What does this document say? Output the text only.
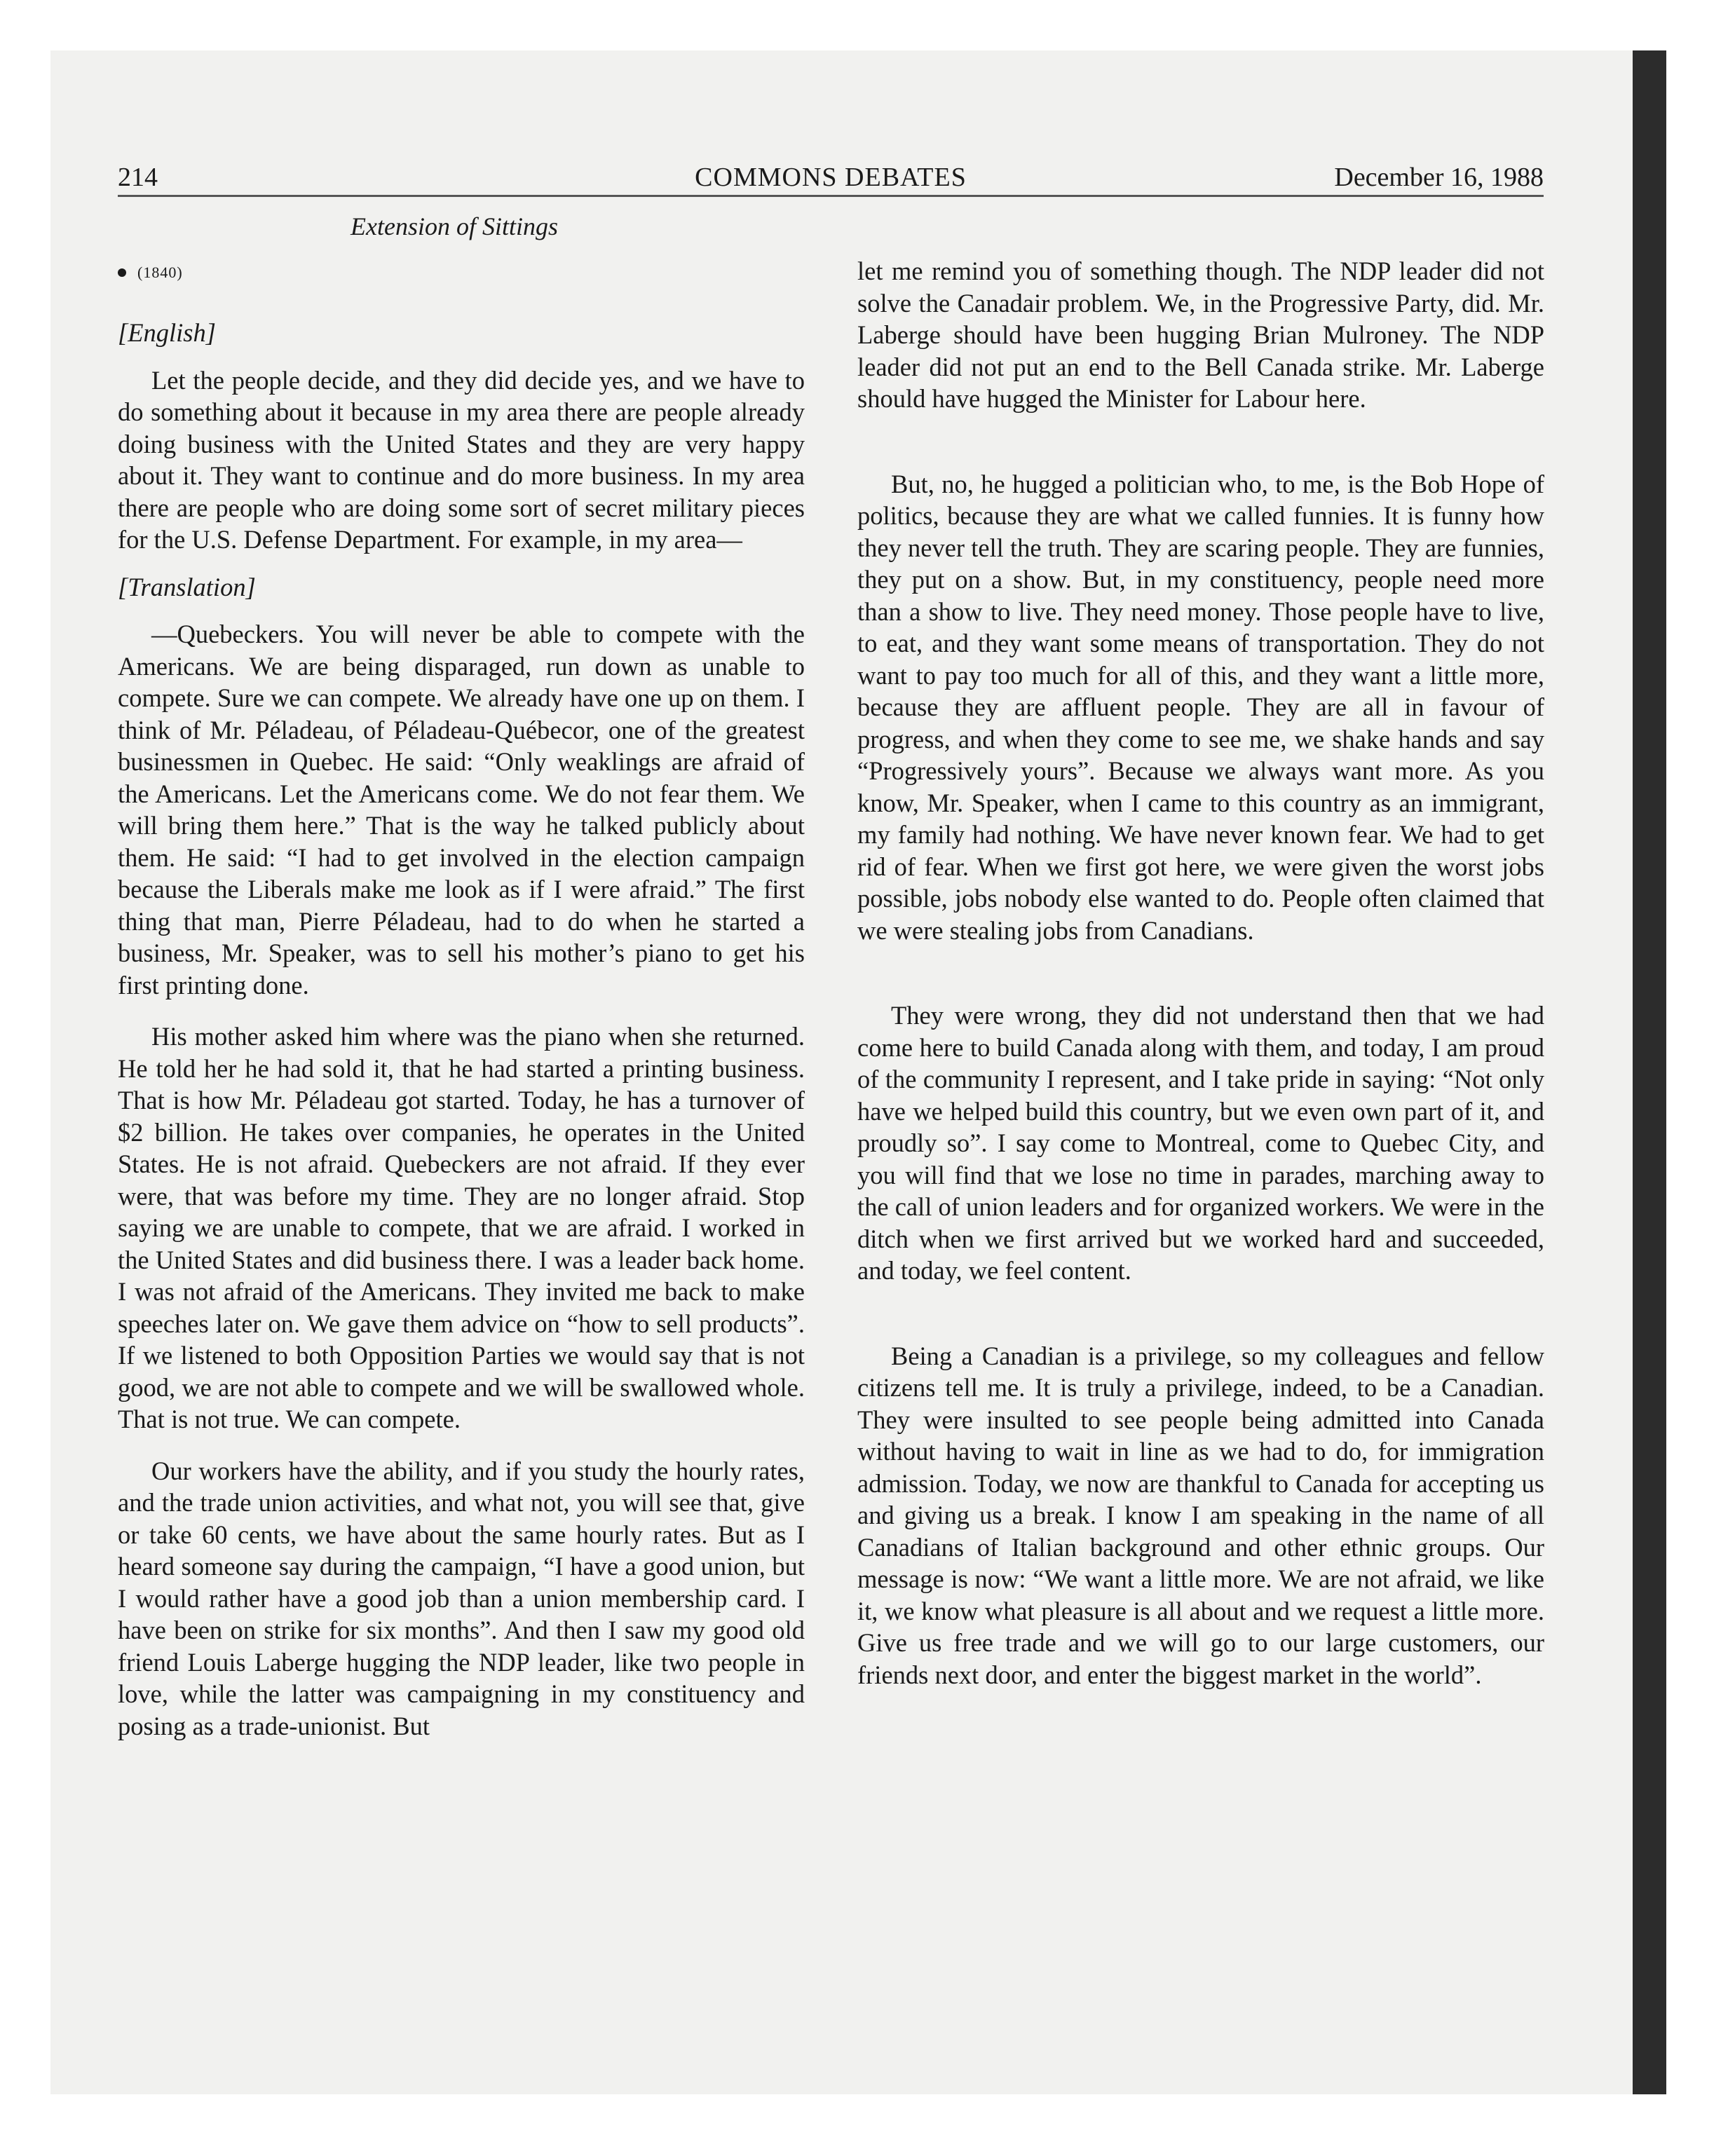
214	COMMONS DEBATES	December 16, 1988
Extension of Sittings
(1840)

[English]

Let the people decide, and they did decide yes, and we have to do something about it because in my area there are people already doing business with the United States and they are very happy about it. They want to continue and do more business. In my area there are people who are doing some sort of secret military pieces for the U.S. Defense Department. For example, in my area—

[Translation]

—Quebeckers. You will never be able to compete with the Americans. We are being disparaged, run down as unable to compete. Sure we can compete. We already have one up on them. I think of Mr. Péladeau, of Péladeau-Québecor, one of the greatest businessmen in Quebec. He said: “Only weaklings are afraid of the Americans. Let the Americans come. We do not fear them. We will bring them here.” That is the way he talked publicly about them. He said: “I had to get involved in the election campaign because the Liberals make me look as if I were afraid.” The first thing that man, Pierre Péladeau, had to do when he started a business, Mr. Speaker, was to sell his mother’s piano to get his first printing done.

His mother asked him where was the piano when she returned. He told her he had sold it, that he had started a printing business. That is how Mr. Péladeau got started. Today, he has a turnover of $2 billion. He takes over companies, he operates in the United States. He is not afraid. Quebeckers are not afraid. If they ever were, that was before my time. They are no longer afraid. Stop saying we are unable to compete, that we are afraid. I worked in the United States and did business there. I was a leader back home. I was not afraid of the Americans. They invited me back to make speeches later on. We gave them advice on “how to sell products”. If we listened to both Opposition Parties we would say that is not good, we are not able to compete and we will be swallowed whole. That is not true. We can compete.

Our workers have the ability, and if you study the hourly rates, and the trade union activities, and what not, you will see that, give or take 60 cents, we have about the same hourly rates. But as I heard someone say during the campaign, “I have a good union, but I would rather have a good job than a union membership card. I have been on strike for six months”. And then I saw my good old friend Louis Laberge hugging the NDP leader, like two people in love, while the latter was campaigning in my constituency and posing as a trade-unionist. But

let me remind you of something though. The NDP leader did not solve the Canadair problem. We, in the Progressive Party, did. Mr. Laberge should have been hugging Brian Mulroney. The NDP leader did not put an end to the Bell Canada strike. Mr. Laberge should have hugged the Minister for Labour here.

But, no, he hugged a politician who, to me, is the Bob Hope of politics, because they are what we called funnies. It is funny how they never tell the truth. They are scaring people. They are funnies, they put on a show. But, in my constituency, people need more than a show to live. They need money. Those people have to live, to eat, and they want some means of transportation. They do not want to pay too much for all of this, and they want a little more, because they are affluent people. They are all in favour of progress, and when they come to see me, we shake hands and say “Progressively yours”. Because we always want more. As you know, Mr. Speaker, when I came to this country as an immigrant, my family had nothing. We have never known fear. We had to get rid of fear. When we first got here, we were given the worst jobs possible, jobs nobody else wanted to do. People often claimed that we were stealing jobs from Canadians.

They were wrong, they did not understand then that we had come here to build Canada along with them, and today, I am proud of the community I represent, and I take pride in saying: “Not only have we helped build this country, but we even own part of it, and proudly so”. I say come to Montreal, come to Quebec City, and you will find that we lose no time in parades, marching away to the call of union leaders and for organized workers. We were in the ditch when we first arrived but we worked hard and succeeded, and today, we feel content.

Being a Canadian is a privilege, so my colleagues and fellow citizens tell me. It is truly a privilege, indeed, to be a Canadian. They were insulted to see people being admitted into Canada without having to wait in line as we had to do, for immigration admission. Today, we now are thankful to Canada for accepting us and giving us a break. I know I am speaking in the name of all Canadians of Italian background and other ethnic groups. Our message is now: “We want a little more. We are not afraid, we like it, we know what pleasure is all about and we request a little more. Give us free trade and we will go to our large customers, our friends next door, and enter the biggest market in the world”.
